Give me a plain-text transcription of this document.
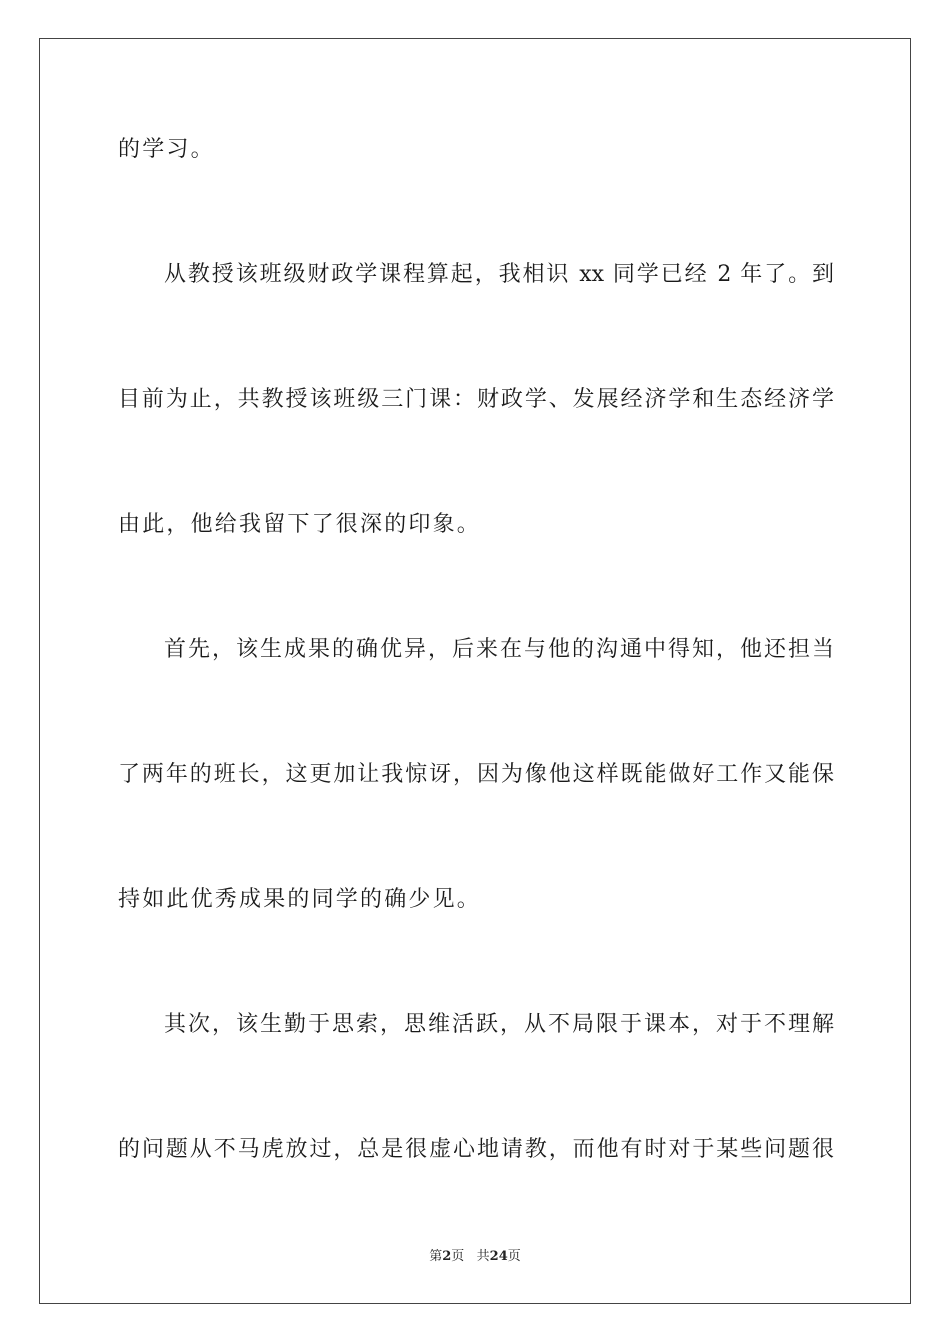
的学习。
从教授该班级财政学课程算起，我相识 xx 同学已经 2 年了。到
目前为止，共教授该班级三门课：财政学、发展经济学和生态经济学
由此，他给我留下了很深的印象。
首先，该生成果的确优异，后来在与他的沟通中得知，他还担当
了两年的班长，这更加让我惊讶，因为像他这样既能做好工作又能保
持如此优秀成果的同学的确少见。
其次，该生勤于思索，思维活跃，从不局限于课本，对于不理解
的问题从不马虎放过，总是很虚心地请教，而他有时对于某些问题很
第2页   共24页
